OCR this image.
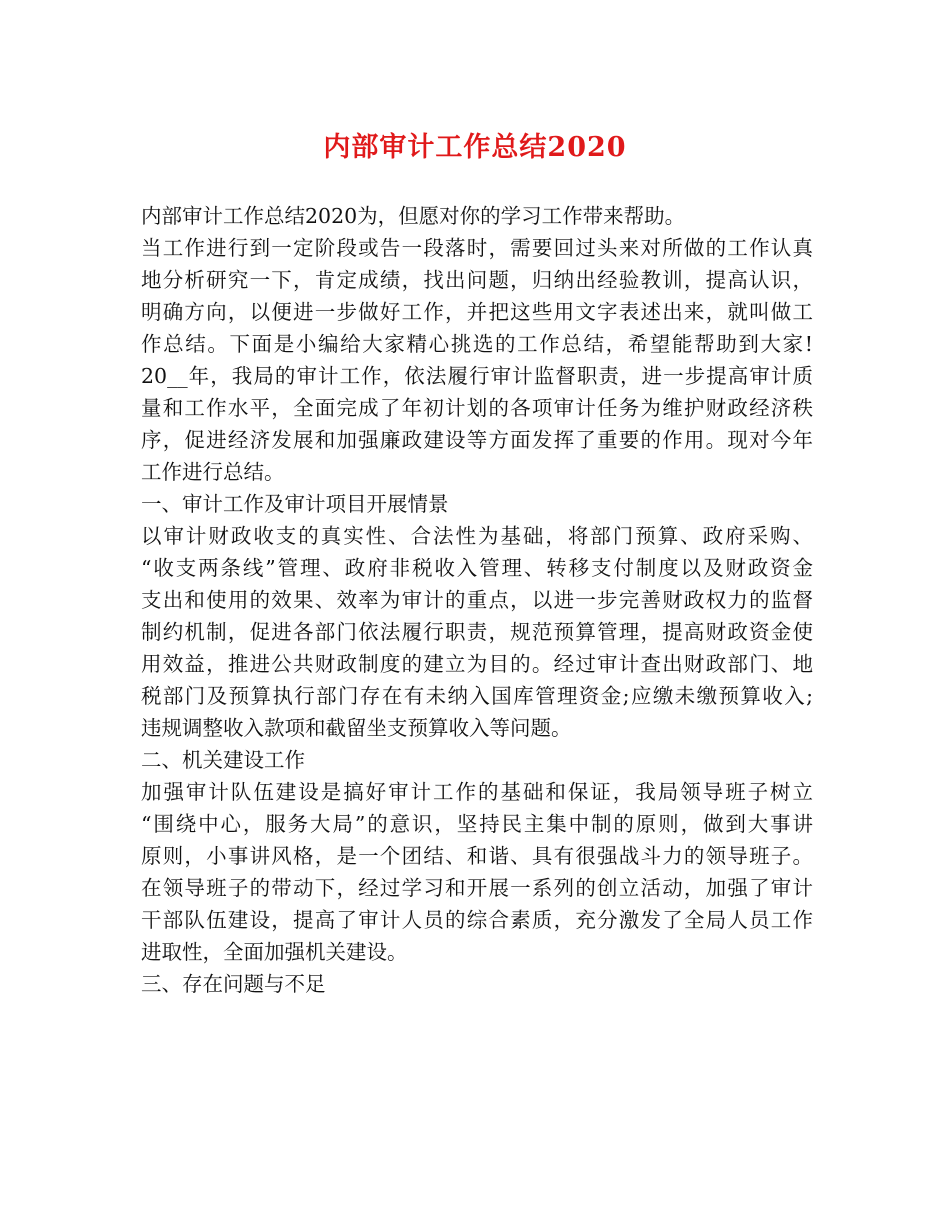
内部审计工作总结2020
内部审计工作总结2020为，但愿对你的学习工作带来帮助。
当工作进行到一定阶段或告一段落时，需要回过头来对所做的工作认真
地分析研究一下，肯定成绩，找出问题，归纳出经验教训，提高认识，
明确方向，以便进一步做好工作，并把这些用文字表述出来，就叫做工
作总结。下面是小编给大家精心挑选的工作总结，希望能帮助到大家!
20__年，我局的审计工作，依法履行审计监督职责，进一步提高审计质
量和工作水平，全面完成了年初计划的各项审计任务为维护财政经济秩
序，促进经济发展和加强廉政建设等方面发挥了重要的作用。现对今年
工作进行总结。
一、审计工作及审计项目开展情景
以审计财政收支的真实性、合法性为基础，将部门预算、政府采购、
“收支两条线”管理、政府非税收入管理、转移支付制度以及财政资金
支出和使用的效果、效率为审计的重点，以进一步完善财政权力的监督
制约机制，促进各部门依法履行职责，规范预算管理，提高财政资金使
用效益，推进公共财政制度的建立为目的。经过审计查出财政部门、地
税部门及预算执行部门存在有未纳入国库管理资金;应缴未缴预算收入;
违规调整收入款项和截留坐支预算收入等问题。
二、机关建设工作
加强审计队伍建设是搞好审计工作的基础和保证，我局领导班子树立
“围绕中心，服务大局”的意识，坚持民主集中制的原则，做到大事讲
原则，小事讲风格，是一个团结、和谐、具有很强战斗力的领导班子。
在领导班子的带动下，经过学习和开展一系列的创立活动，加强了审计
干部队伍建设，提高了审计人员的综合素质，充分激发了全局人员工作
进取性，全面加强机关建设。
三、存在问题与不足
